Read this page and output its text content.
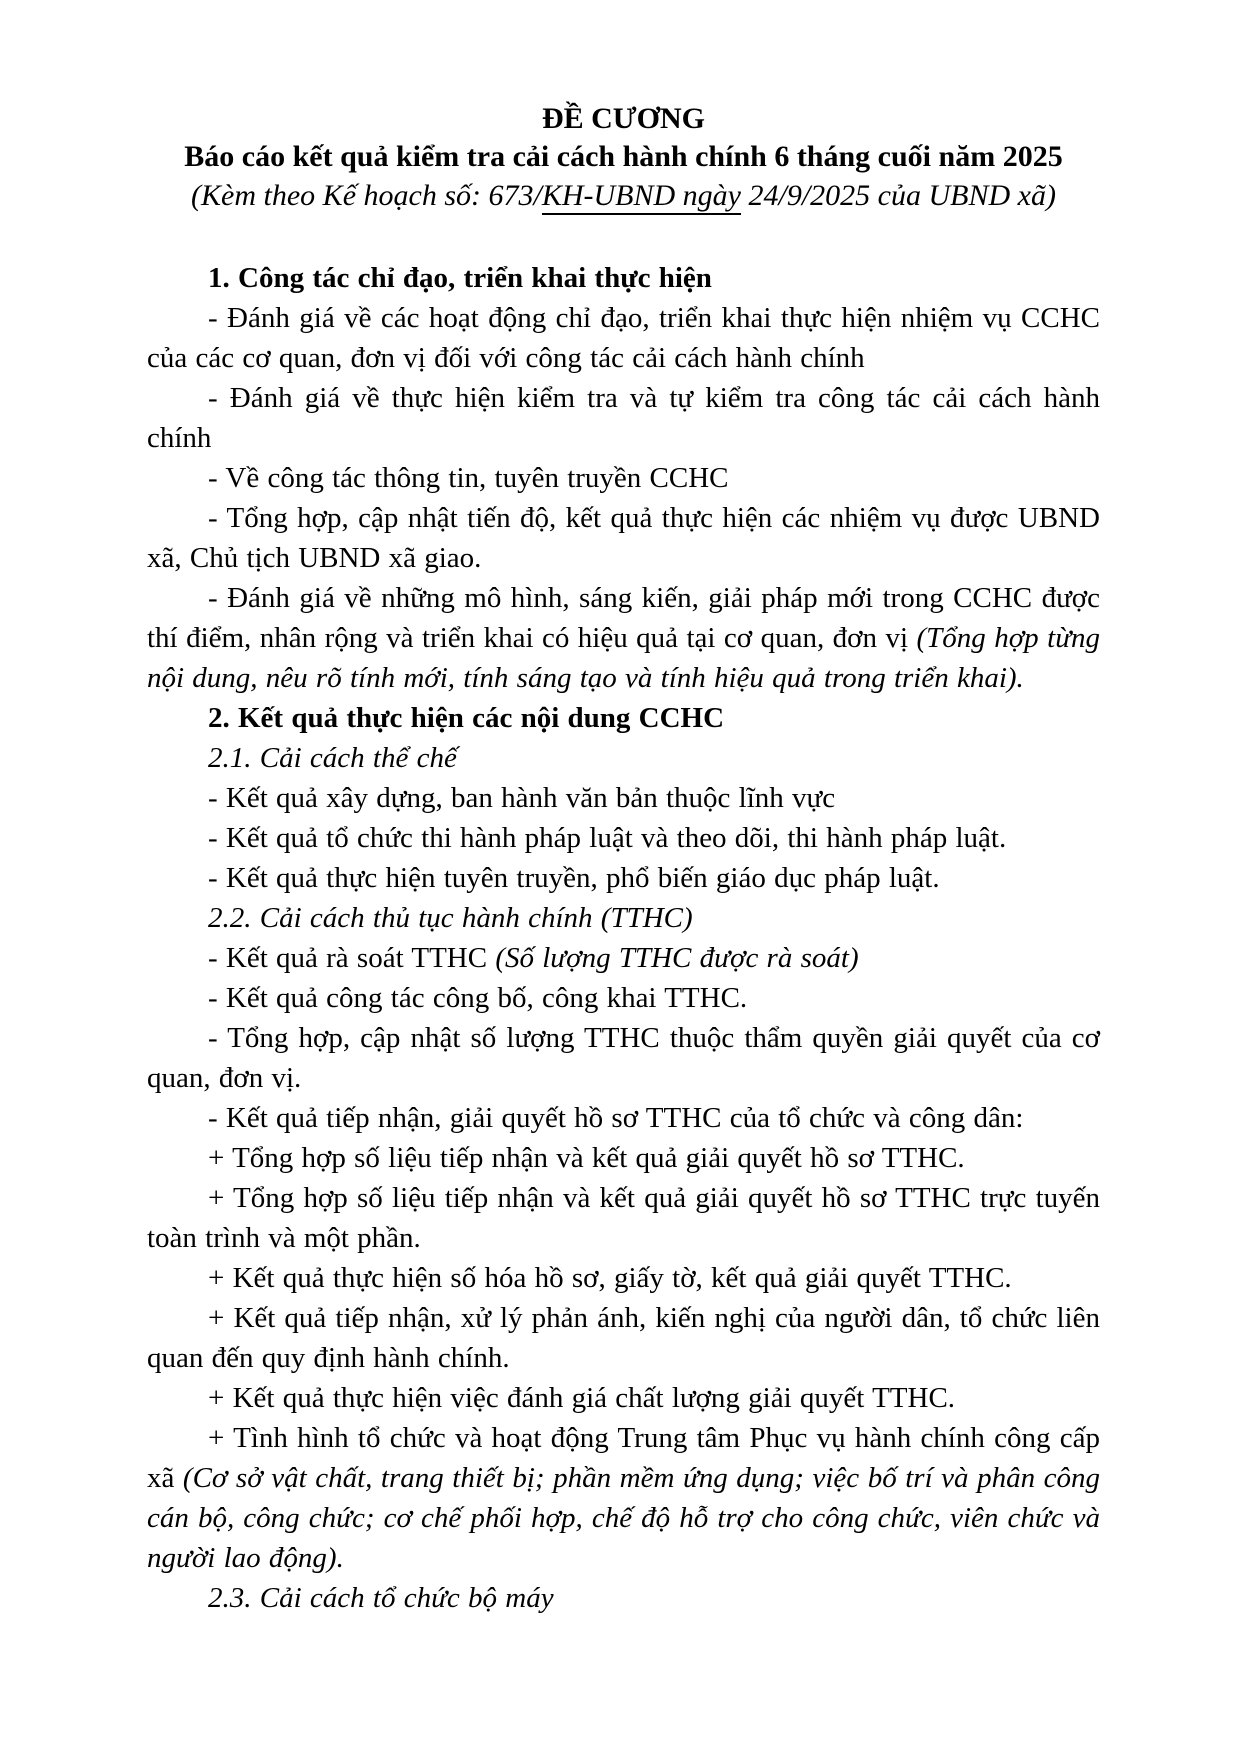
ĐỀ CƯƠNG

Báo cáo kết quả kiểm tra cải cách hành chính 6 tháng cuối năm 2025

(Kèm theo Kế hoạch số: 673/KH-UBND ngày 24/9/2025 của UBND xã)

1. Công tác chỉ đạo, triển khai thực hiện

- Đánh giá về các hoạt động chỉ đạo, triển khai thực hiện nhiệm vụ CCHC của các cơ quan, đơn vị đối với công tác cải cách hành chính

- Đánh giá về thực hiện kiểm tra và tự kiểm tra công tác cải cách hành chính

- Về công tác thông tin, tuyên truyền CCHC

- Tổng hợp, cập nhật tiến độ, kết quả thực hiện các nhiệm vụ được UBND xã, Chủ tịch UBND xã giao.

- Đánh giá về những mô hình, sáng kiến, giải pháp mới trong CCHC được thí điểm, nhân rộng và triển khai có hiệu quả tại cơ quan, đơn vị (Tổng hợp từng nội dung, nêu rõ tính mới, tính sáng tạo và tính hiệu quả trong triển khai).

2. Kết quả thực hiện các nội dung CCHC

2.1. Cải cách thể chế

- Kết quả xây dựng, ban hành văn bản thuộc lĩnh vực

- Kết quả tổ chức thi hành pháp luật và theo dõi, thi hành pháp luật.

- Kết quả thực hiện tuyên truyền, phổ biến giáo dục pháp luật.

2.2. Cải cách thủ tục hành chính (TTHC)

- Kết quả rà soát TTHC (Số lượng TTHC được rà soát)

- Kết quả công tác công bố, công khai TTHC.

- Tổng hợp, cập nhật số lượng TTHC thuộc thẩm quyền giải quyết của cơ quan, đơn vị.

- Kết quả tiếp nhận, giải quyết hồ sơ TTHC của tổ chức và công dân:

+ Tổng hợp số liệu tiếp nhận và kết quả giải quyết hồ sơ TTHC.

+ Tổng hợp số liệu tiếp nhận và kết quả giải quyết hồ sơ TTHC trực tuyến toàn trình và một phần.

+ Kết quả thực hiện số hóa hồ sơ, giấy tờ, kết quả giải quyết TTHC.

+ Kết quả tiếp nhận, xử lý phản ánh, kiến nghị của người dân, tổ chức liên quan đến quy định hành chính.

+ Kết quả thực hiện việc đánh giá chất lượng giải quyết TTHC.

+ Tình hình tổ chức và hoạt động Trung tâm Phục vụ hành chính công cấp xã (Cơ sở vật chất, trang thiết bị; phần mềm ứng dụng; việc bố trí và phân công cán bộ, công chức; cơ chế phối hợp, chế độ hỗ trợ cho công chức, viên chức và người lao động).

2.3. Cải cách tổ chức bộ máy
